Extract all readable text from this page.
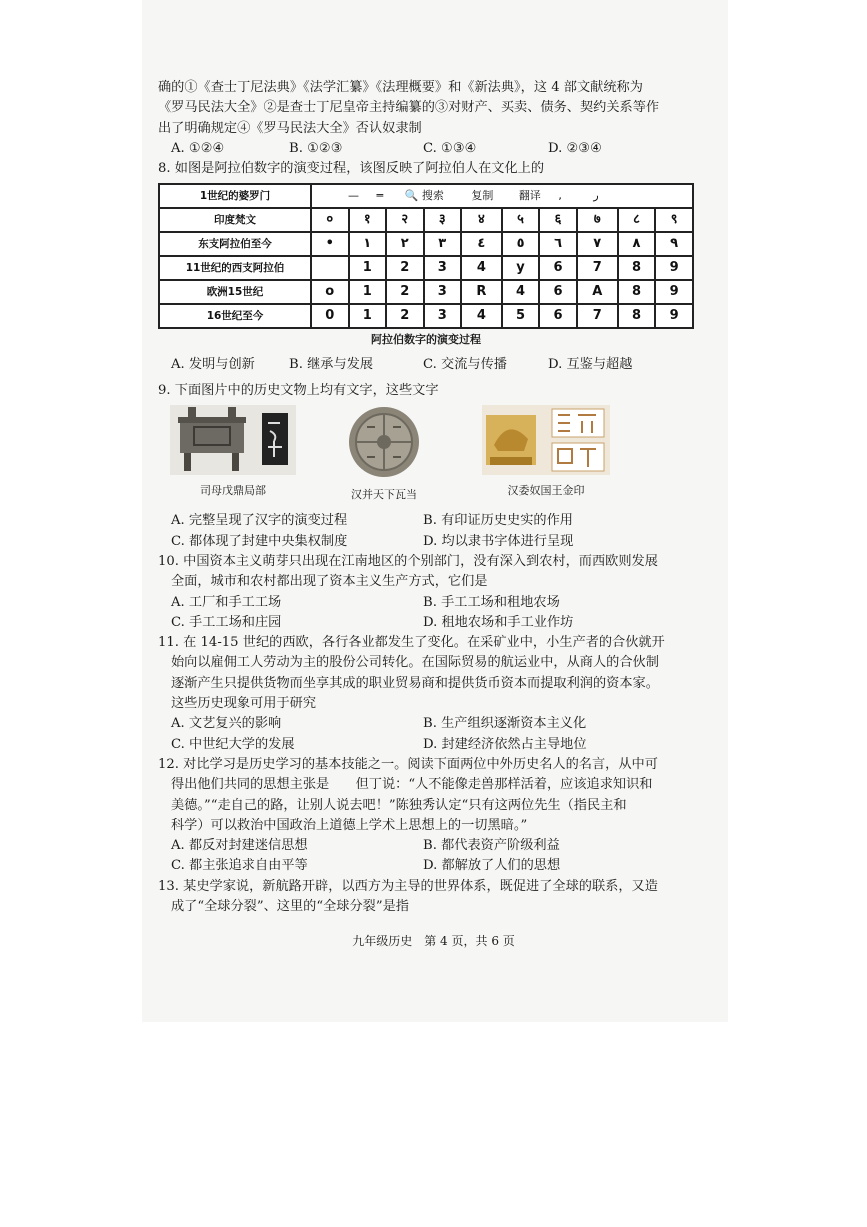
确的①《查士丁尼法典》《法学汇纂》《法理概要》和《新法典》，这 4 部文献统称为
《罗马民法大全》②是查士丁尼皇帝主持编纂的③对财产、买卖、债务、契约关系等作
出了明确规定④《罗马民法大全》否认奴隶制
A. ①②④	B. ①②③	C. ①③④	D. ②③④
8. 如图是阿拉伯数字的演变过程，该图反映了阿拉伯人在文化上的
1世纪的婆罗门	— ═ 🔍 搜索 复制 翻译 , ر									
印度梵文	०	१	२	३	४	५	६	७	८	९
东支阿拉伯至今	•	١	٢	٣	٤	٥	٦	٧	٨	٩
11世纪的西支阿拉伯		1	2	3	4	y	6	7	8	9
欧洲15世纪	o	1	2	3	R	4	6	A	8	9
16世纪至今	0	1	2	3	4	5	6	7	8	9
阿拉伯数字的演变过程
A. 发明与创新	B. 继承与发展	C. 交流与传播	D. 互鉴与超越
9. 下面图片中的历史文物上均有文字，这些文字
司母戊鼎局部	汉并天下瓦当	汉委奴国王金印
A. 完整呈现了汉字的演变过程	B. 有印证历史史实的作用
C. 都体现了封建中央集权制度	D. 均以隶书字体进行呈现
10. 中国资本主义萌芽只出现在江南地区的个别部门，没有深入到农村，而西欧则发展
全面，城市和农村都出现了资本主义生产方式，它们是
A. 工厂和手工工场	B. 手工工场和租地农场
C. 手工工场和庄园	D. 租地农场和手工业作坊
11. 在 14-15 世纪的西欧，各行各业都发生了变化。在采矿业中，小生产者的合伙就开
始向以雇佣工人劳动为主的股份公司转化。在国际贸易的航运业中，从商人的合伙制
逐渐产生只提供货物而坐享其成的职业贸易商和提供货币资本而提取利润的资本家。
这些历史现象可用于研究
A. 文艺复兴的影响	B. 生产组织逐渐资本主义化
C. 中世纪大学的发展	D. 封建经济依然占主导地位
12. 对比学习是历史学习的基本技能之一。阅读下面两位中外历史名人的名言，从中可
得出他们共同的思想主张是　　但丁说：“人不能像走兽那样活着，应该追求知识和
美德。”“走自己的路，让别人说去吧！”陈独秀认定“只有这两位先生（指民主和
科学）可以救治中国政治上道德上学术上思想上的一切黑暗。”
A. 都反对封建迷信思想	B. 都代表资产阶级利益
C. 都主张追求自由平等	D. 都解放了人们的思想
13. 某史学家说，新航路开辟，以西方为主导的世界体系，既促进了全球的联系，又造
成了“全球分裂”、这里的“全球分裂”是指
九年级历史　第 4 页，共 6 页
